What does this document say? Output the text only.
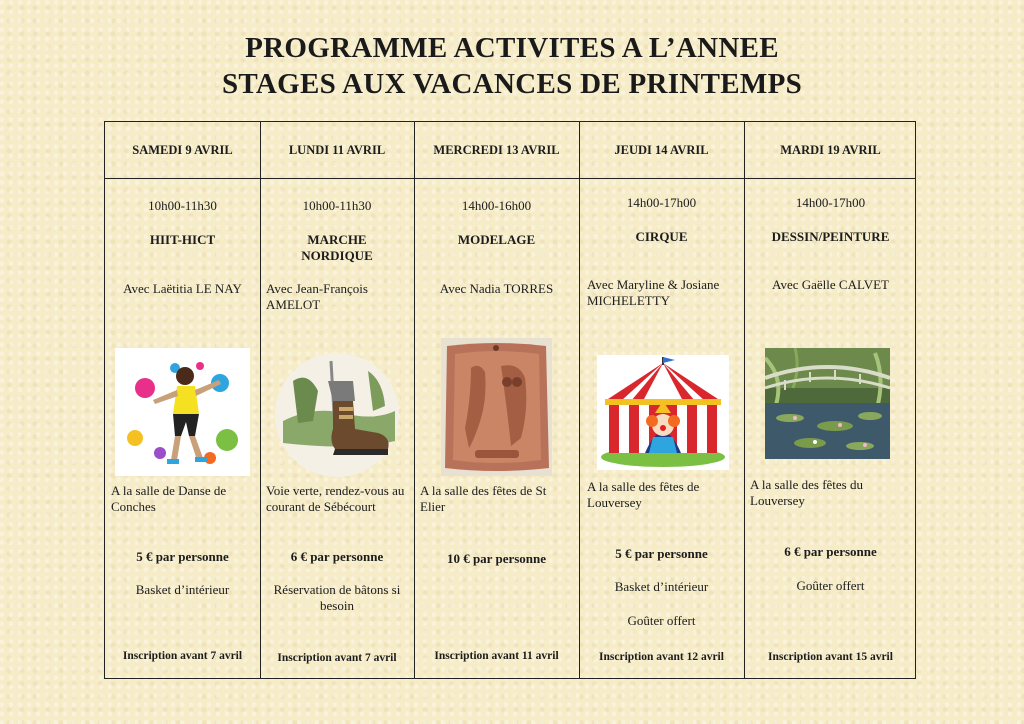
PROGRAMME ACTIVITES A L’ANNEE
STAGES AUX VACANCES DE PRINTEMPS
SAMEDI 9 AVRIL
10h00-11h30
HIIT-HICT
Avec Laëtitia LE NAY
A la salle de Danse de Conches
5 € par personne
Basket d’intérieur
Inscription avant 7 avril
LUNDI 11 AVRIL
10h00-11h30
MARCHE NORDIQUE
Avec Jean-François AMELOT
Voie verte, rendez-vous au courant de Sébécourt
6 € par personne
Réservation de bâtons si besoin
Inscription avant 7 avril
MERCREDI 13 AVRIL
14h00-16h00
MODELAGE
Avec Nadia TORRES
A la salle des fêtes de St Elier
10 € par personne
Inscription avant 11 avril
JEUDI 14 AVRIL
14h00-17h00
CIRQUE
Avec Maryline & Josiane MICHELETTY
A la salle des fêtes de Louversey
5 € par personne
Basket d’intérieur
Goûter offert
Inscription avant 12 avril
MARDI 19 AVRIL
14h00-17h00
DESSIN/PEINTURE
Avec Gaëlle CALVET
A la salle des fêtes du Louversey
6 € par personne
Goûter offert
Inscription avant 15 avril
